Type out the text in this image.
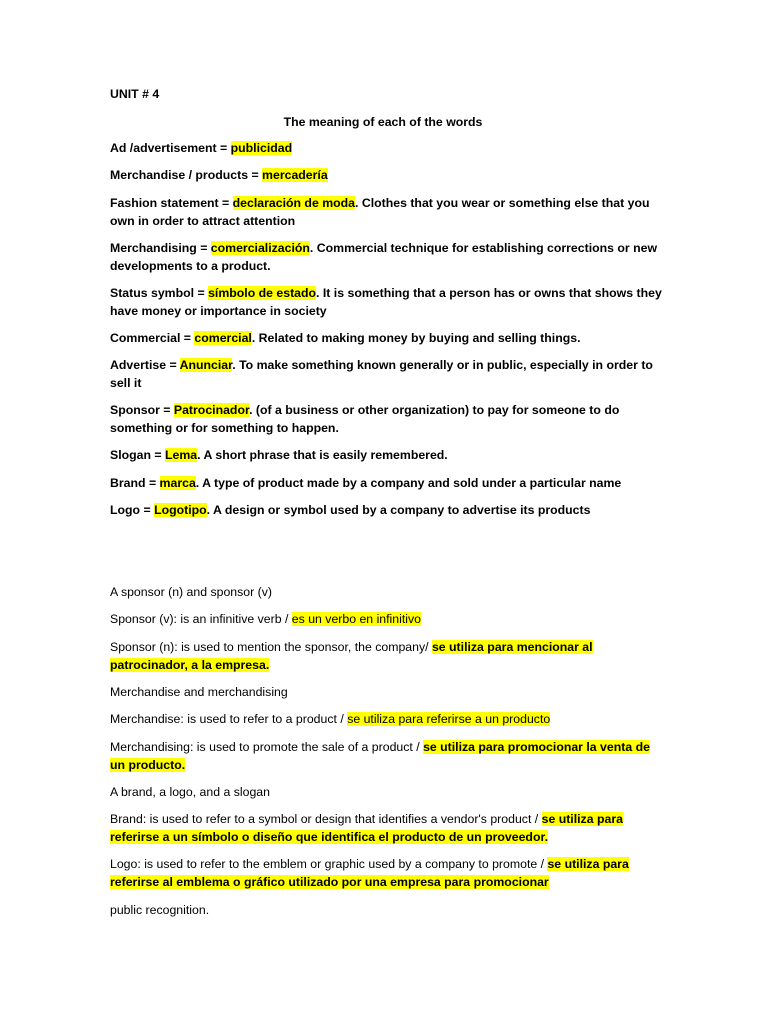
UNIT # 4
The meaning of each of the words
Ad /advertisement = publicidad
Merchandise / products = mercadería
Fashion statement = declaración de moda. Clothes that you wear or something else that you own in order to attract attention
Merchandising = comercialización. Commercial technique for establishing corrections or new developments to a product.
Status symbol = símbolo de estado. It is something that a person has or owns that shows they have money or importance in society
Commercial = comercial. Related to making money by buying and selling things.
Advertise = Anunciar. To make something known generally or in public, especially in order to sell it
Sponsor = Patrocinador. (of a business or other organization) to pay for someone to do something or for something to happen.
Slogan = Lema. A short phrase that is easily remembered.
Brand = marca. A type of product made by a company and sold under a particular name
Logo = Logotipo. A design or symbol used by a company to advertise its products
A sponsor (n) and sponsor (v)
Sponsor (v): is an infinitive verb / es un verbo en infinitivo
Sponsor (n): is used to mention the sponsor, the company/ se utiliza para mencionar al patrocinador, a la empresa.
Merchandise and merchandising
Merchandise: is used to refer to a product / se utiliza para referirse a un producto
Merchandising: is used to promote the sale of a product / se utiliza para promocionar la venta de un producto.
A brand, a logo, and a slogan
Brand: is used to refer to a symbol or design that identifies a vendor's product / se utiliza para referirse a un símbolo o diseño que identifica el producto de un proveedor.
Logo: is used to refer to the emblem or graphic used by a company to promote / se utiliza para referirse al emblema o gráfico utilizado por una empresa para promocionar
public recognition.
